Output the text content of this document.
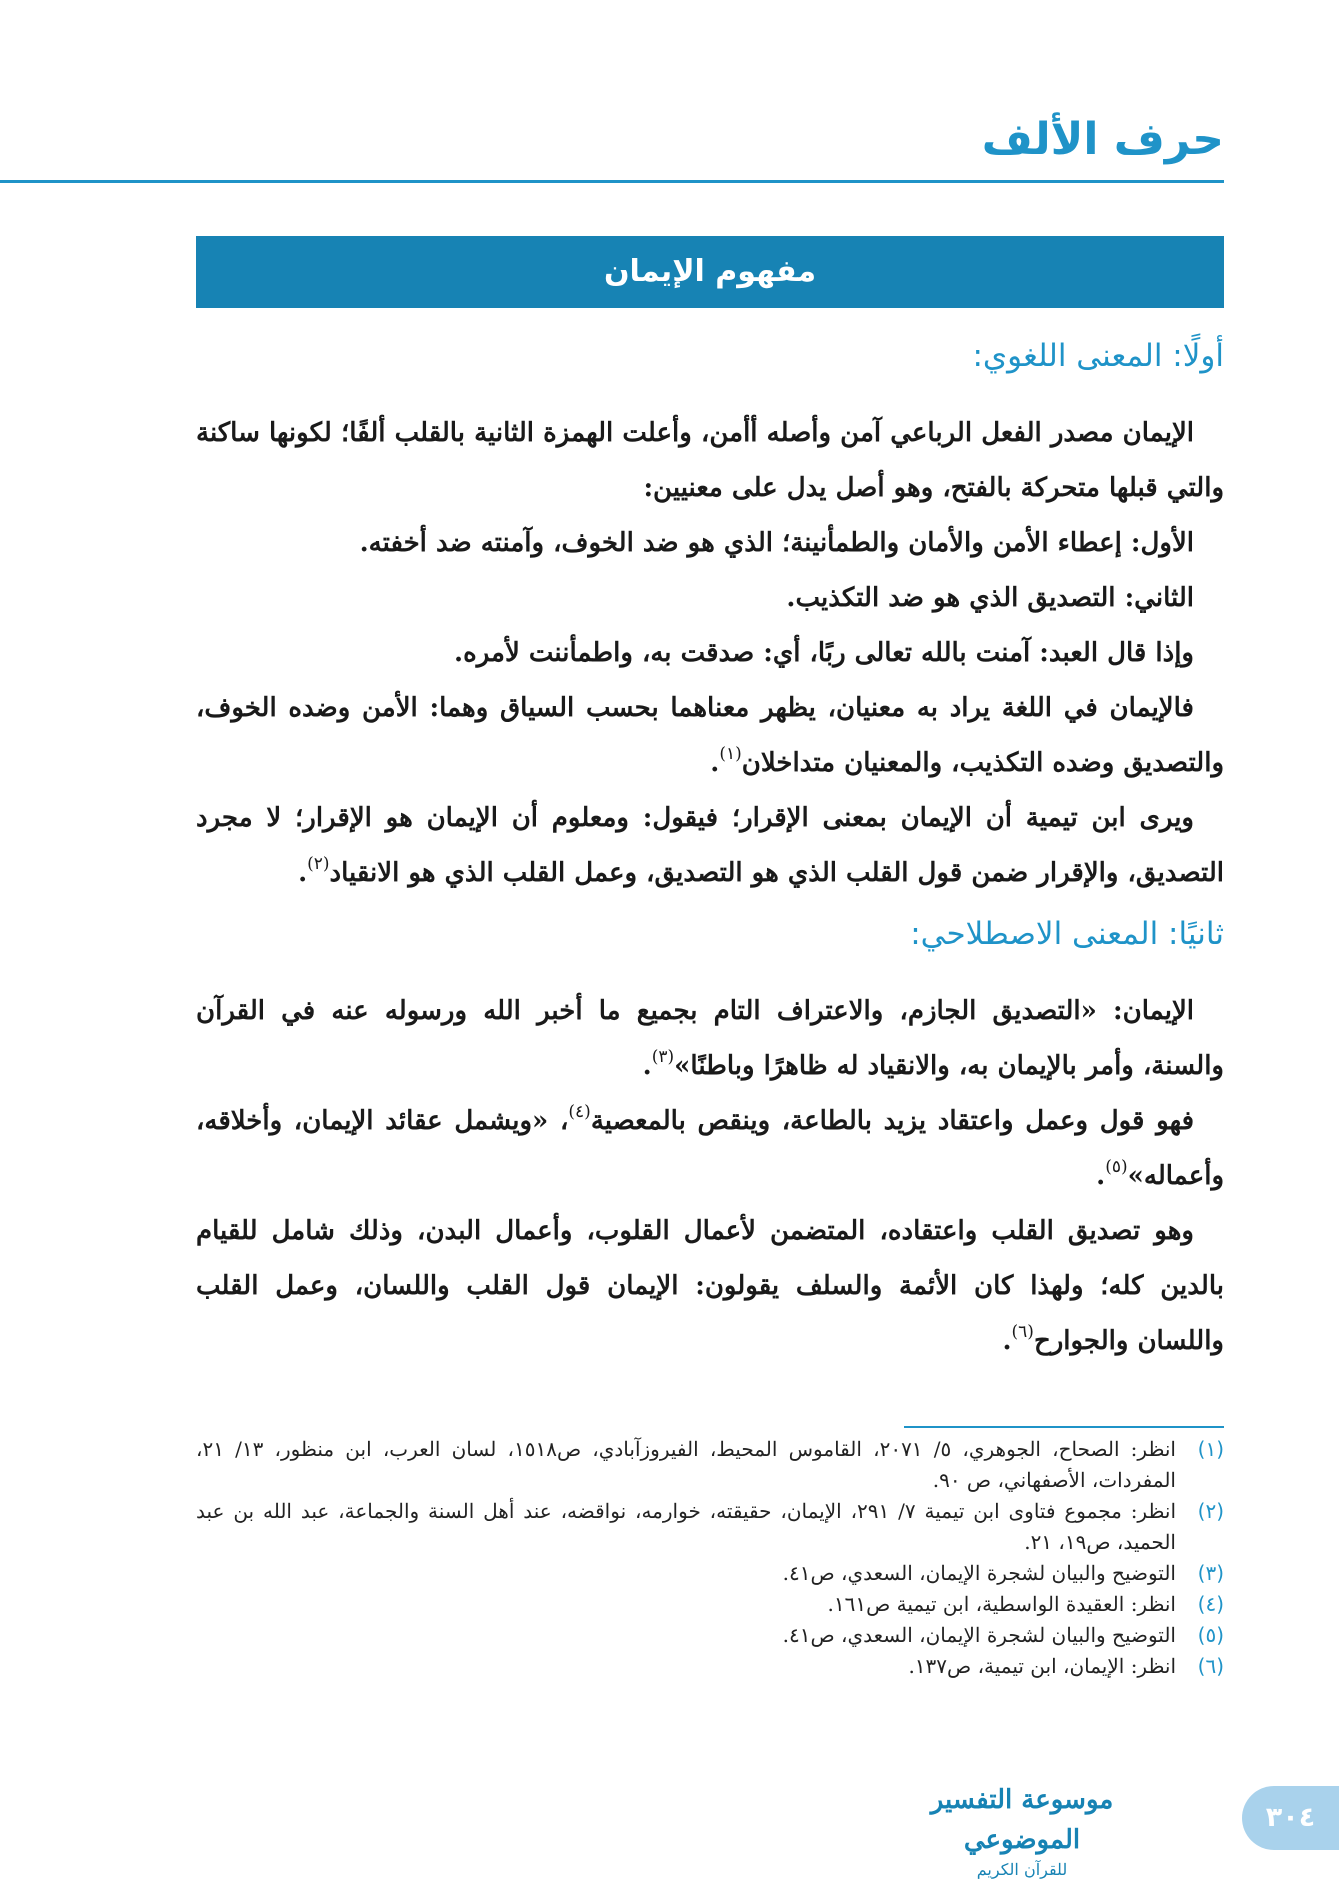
حرف الألف
مفهوم الإيمان
أولًا: المعنى اللغوي:

الإيمان مصدر الفعل الرباعي آمن وأصله أأمن، وأعلت الهمزة الثانية بالقلب ألفًا؛ لكونها ساكنة والتي قبلها متحركة بالفتح، وهو أصل يدل على معنيين:

الأول: إعطاء الأمن والأمان والطمأنينة؛ الذي هو ضد الخوف، وآمنته ضد أخفته.

الثاني: التصديق الذي هو ضد التكذيب.

وإذا قال العبد: آمنت بالله تعالى ربًا، أي: صدقت به، واطمأننت لأمره.

فالإيمان في اللغة يراد به معنيان، يظهر معناهما بحسب السياق وهما: الأمن وضده الخوف، والتصديق وضده التكذيب، والمعنيان متداخلان$^{(١)}$.

ويرى ابن تيمية أن الإيمان بمعنى الإقرار؛ فيقول: ومعلوم أن الإيمان هو الإقرار؛ لا مجرد التصديق، والإقرار ضمن قول القلب الذي هو التصديق، وعمل القلب الذي هو الانقياد$^{(٢)}$.

ثانيًا: المعنى الاصطلاحي:

الإيمان: «التصديق الجازم، والاعتراف التام بجميع ما أخبر الله ورسوله عنه في القرآن والسنة، وأمر بالإيمان به، والانقياد له ظاهرًا وباطنًا»$^{(٣)}$.

فهو قول وعمل واعتقاد يزيد بالطاعة، وينقص بالمعصية$^{(٤)}$، «ويشمل عقائد الإيمان، وأخلاقه، وأعماله»$^{(٥)}$.

وهو تصديق القلب واعتقاده، المتضمن لأعمال القلوب، وأعمال البدن، وذلك شامل للقيام بالدين كله؛ ولهذا كان الأئمة والسلف يقولون: الإيمان قول القلب واللسان، وعمل القلب واللسان والجوارح$^{(٦)}$.

(١)
انظر: الصحاح، الجوهري، ٥/ ٢٠٧١، القاموس المحيط، الفيروزآبادي، ص١٥١٨، لسان العرب، ابن منظور، ١٣/ ٢١، المفردات، الأصفهاني، ص ٩٠.
(٢)
انظر: مجموع فتاوى ابن تيمية ٧/ ٢٩١، الإيمان، حقيقته، خوارمه، نواقضه، عند أهل السنة والجماعة، عبد الله بن عبد الحميد، ص١٩، ٢١.
(٣)
التوضيح والبيان لشجرة الإيمان، السعدي، ص٤١.
(٤)
انظر: العقيدة الواسطية، ابن تيمية ص١٦١.
(٥)
التوضيح والبيان لشجرة الإيمان، السعدي، ص٤١.
(٦)
انظر: الإيمان، ابن تيمية، ص١٣٧.
موسوعة التفسير الموضوعي
للقرآن الكريم
٣٠٤
